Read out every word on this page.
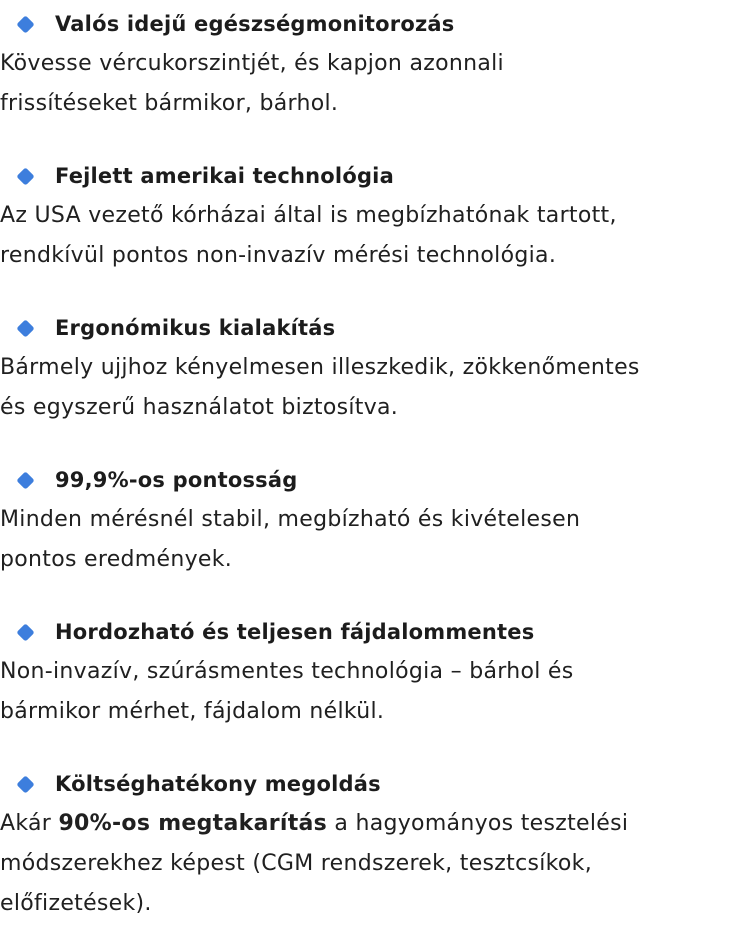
Valós idejű egészségmonitorozás
Kövesse vércukorszintjét, és kapjon azonnali
frissítéseket bármikor, bárhol.
Fejlett amerikai technológia
Az USA vezető kórházai által is megbízhatónak tartott,
rendkívül pontos non-invazív mérési technológia.
Ergonómikus kialakítás
Bármely ujjhoz kényelmesen illeszkedik, zökkenőmentes
és egyszerű használatot biztosítva.
99,9%-os pontosság
Minden mérésnél stabil, megbízható és kivételesen
pontos eredmények.
Hordozható és teljesen fájdalommentes
Non-invazív, szúrásmentes technológia – bárhol és
bármikor mérhet, fájdalom nélkül.
Költséghatékony megoldás
Akár 90%-os megtakarítás a hagyományos tesztelési
módszerekhez képest (CGM rendszerek, tesztcsíkok,
előfizetések).
